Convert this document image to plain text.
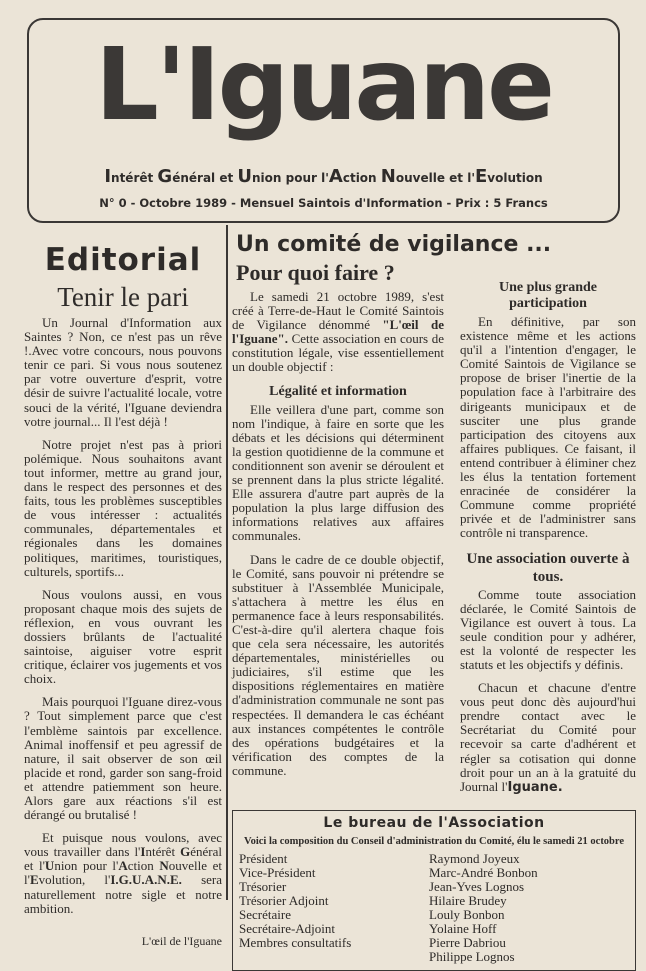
L'Iguane
Intérêt Général et Union pour l'Action Nouvelle et l'Evolution
N° 0 - Octobre 1989 - Mensuel Saintois d'Information - Prix : 5 Francs
Editorial
Tenir le pari

Un Journal d'Information aux Saintes ? Non, ce n'est pas un rêve !.Avec votre concours, nous pouvons tenir ce pari. Si vous nous soutenez par votre ouverture d'esprit, votre désir de suivre l'actualité locale, votre souci de la vérité, l'Iguane deviendra votre journal... Il l'est déjà !

Notre projet n'est pas à priori polémique. Nous souhaitons avant tout informer, mettre au grand jour, dans le respect des personnes et des faits, tous les problèmes susceptibles de vous intéresser : actualités communales, départementales et régionales dans les domaines politiques, maritimes, touristiques, culturels, sportifs...

Nous voulons aussi, en vous proposant chaque mois des sujets de réflexion, en vous ouvrant les dossiers brûlants de l'actualité saintoise, aiguiser votre esprit critique, éclairer vos jugements et vos choix.

Mais pourquoi l'Iguane direz-vous ? Tout simplement parce que c'est l'emblème saintois par excellence. Animal inoffensif et peu agressif de nature, il sait observer de son œil placide et rond, garder son sang-froid et attendre patiemment son heure. Alors gare aux réactions s'il est dérangé ou brutalisé !

Et puisque nous voulons, avec vous travailler dans l'Intérêt Général et l'Union pour l'Action Nouvelle et l'Evolution, l'I.G.U.A.N.E. sera naturellement notre sigle et notre ambition.

L'œil de l'Iguane
Un comité de vigilance ...
Pour quoi faire ?

Le samedi 21 octobre 1989, s'est créé à Terre-de-Haut le Comité Saintois de Vigilance dénommé "L'œil de l'Iguane". Cette association en cours de constitution légale, vise essentiellement un double objectif :

Légalité et information

Elle veillera d'une part, comme son nom l'indique, à faire en sorte que les débats et les décisions qui déterminent la gestion quotidienne de la commune et conditionnent son avenir se déroulent et se prennent dans la plus stricte légalité. Elle assurera d'autre part auprès de la population la plus large diffusion des informations relatives aux affaires communales.

Dans le cadre de ce double objectif, le Comité, sans pouvoir ni prétendre se substituer à l'Assemblée Municipale, s'attachera à mettre les élus en permanence face à leurs responsabilités. C'est-à-dire qu'il alertera chaque fois que cela sera nécessaire, les autorités départementales, ministérielles ou judiciaires, s'il estime que les dispositions réglementaires en matière d'administration communale ne sont pas respectées. Il demandera le cas échéant aux instances compétentes le contrôle des opérations budgétaires et la vérification des comptes de la commune.

Une plus grande participation

En définitive, par son existence même et les actions qu'il a l'intention d'engager, le Comité Saintois de Vigilance se propose de briser l'inertie de la population face à l'arbitraire des dirigeants municipaux et de susciter une plus grande participation des citoyens aux affaires publiques. Ce faisant, il entend contribuer à éliminer chez les élus la tentation fortement enracinée de considérer la Commune comme propriété privée et de l'administrer sans contrôle ni transparence.

Une association ouverte à tous.

Comme toute association déclarée, le Comité Saintois de Vigilance est ouvert à tous. La seule condition pour y adhérer, est la volonté de respecter les statuts et les objectifs y définis.

Chacun et chacune d'entre vous peut donc dès aujourd'hui prendre contact avec le Secrétariat du Comité pour recevoir sa carte d'adhérent et régler sa cotisation qui donne droit pour un an à la gratuité du Journal l'Iguane.

Le bureau de l'Association
Voici la composition du Conseil d'administration du Comité, élu le samedi 21 octobre
Président	Raymond Joyeux
Vice-Président	Marc-André Bonbon
Trésorier	Jean-Yves Lognos
Trésorier Adjoint	Hilaire Brudey
Secrétaire	Louly Bonbon
Secrétaire-Adjoint	Yolaine Hoff
Membres consultatifs	Pierre Dabriou
Philippe Lognos
